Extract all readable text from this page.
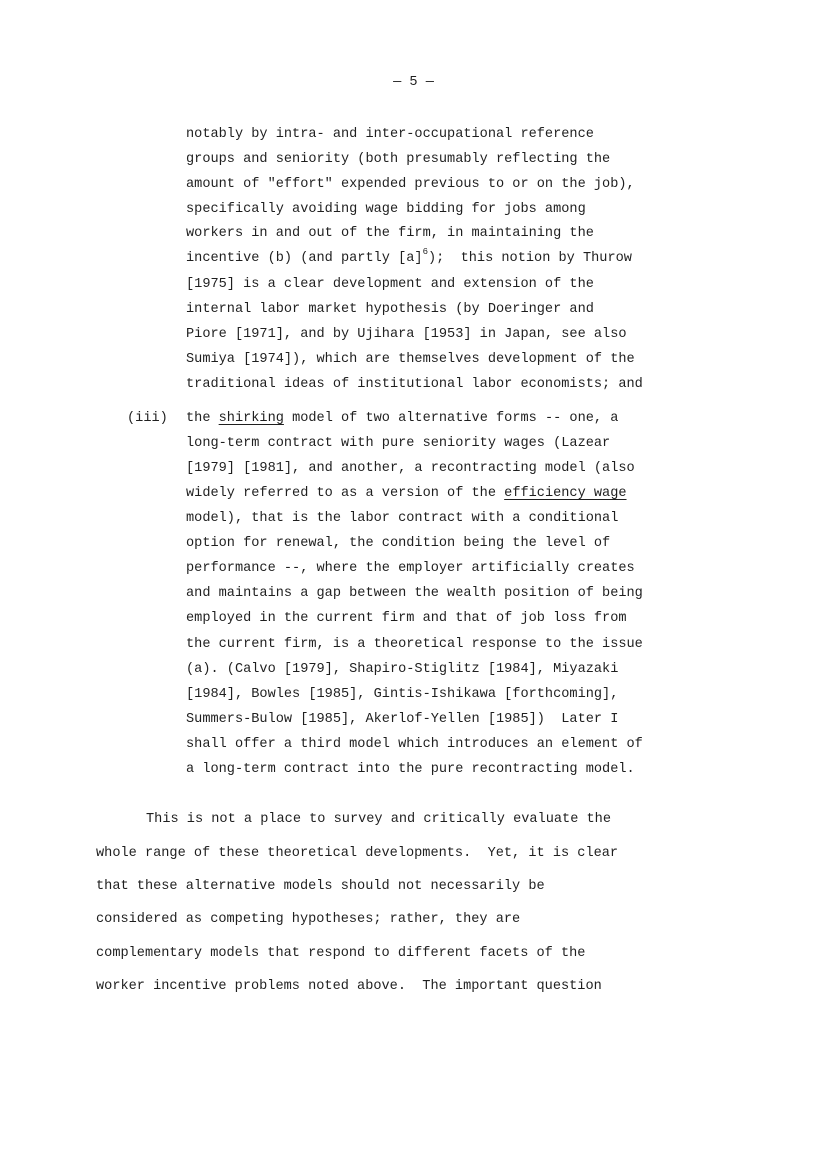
— 5 —
notably by intra- and inter-occupational reference
groups and seniority (both presumably reflecting the
amount of "effort" expended previous to or on the job),
specifically avoiding wage bidding for jobs among
workers in and out of the firm, in maintaining the
incentive (b) (and partly $[a]^6$);  this notion by Thurow
[1975] is a clear development and extension of the
internal labor market hypothesis (by Doeringer and
Piore [1971], and by Ujihara [1953] in Japan, see also
Sumiya [1974]), which are themselves development of the
traditional ideas of institutional labor economists; and
(iii) the shirking model of two alternative forms -- one, a
long-term contract with pure seniority wages (Lazear
[1979] [1981], and another, a recontracting model (also
widely referred to as a version of the efficiency wage
model), that is the labor contract with a conditional
option for renewal, the condition being the level of
performance --, where the employer artificially creates
and maintains a gap between the wealth position of being
employed in the current firm and that of job loss from
the current firm, is a theoretical response to the issue
(a). (Calvo [1979], Shapiro-Stiglitz [1984], Miyazaki
[1984], Bowles [1985], Gintis-Ishikawa [forthcoming],
Summers-Bulow [1985], Akerlof-Yellen [1985])  Later I
shall offer a third model which introduces an element of
a long-term contract into the pure recontracting model.
This is not a place to survey and critically evaluate the
whole range of these theoretical developments.  Yet, it is clear
that these alternative models should not necessarily be
considered as competing hypotheses; rather, they are
complementary models that respond to different facets of the
worker incentive problems noted above.  The important question
